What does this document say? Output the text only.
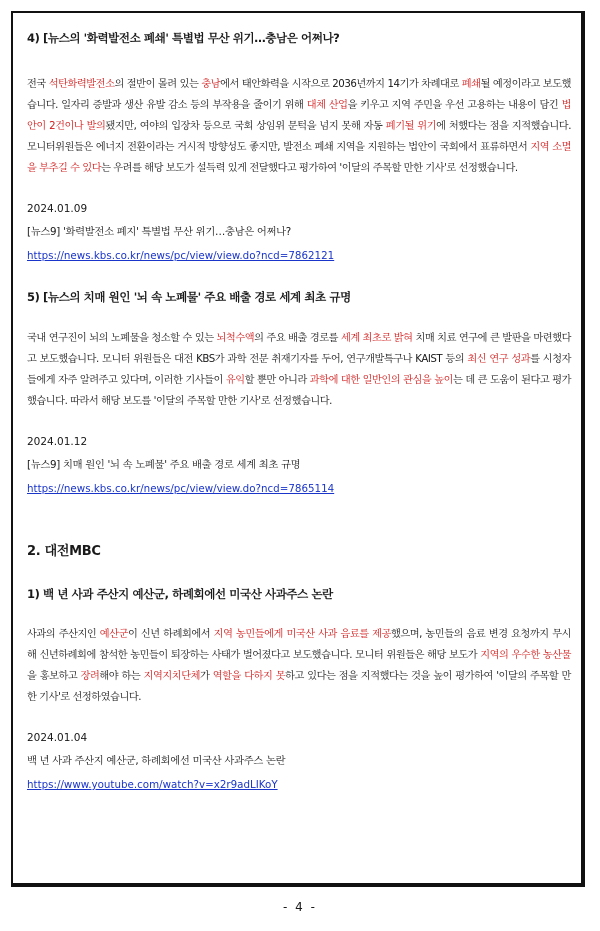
4) [뉴스의 '화력발전소 폐쇄' 특별법 무산 위기…충남은 어쩌나?

전국 석탄화력발전소의 절반이 몰려 있는 충남에서 태안화력을 시작으로 2036년까지 14기가 차례대로 폐쇄될 예정이라고 보도했습니다. 일자리 증발과 생산 유발 감소 등의 부작용을 줄이기 위해 대체 산업을 키우고 지역 주민을 우선 고용하는 내용이 담긴 법안이 2건이나 발의됐지만, 여야의 입장차 등으로 국회 상임위 문턱을 넘지 못해 자동 폐기될 위기에 처했다는 점을 지적했습니다. 모니터위원들은 에너지 전환이라는 거시적 방향성도 좋지만, 발전소 폐쇄 지역을 지원하는 법안이 국회에서 표류하면서 지역 소멸을 부추길 수 있다는 우려를 해당 보도가 설득력 있게 전달했다고 평가하여 '이달의 주목할 만한 기사'로 선정했습니다.

2024.01.09

[뉴스9] '화력발전소 폐지' 특별법 무산 위기…충남은 어쩌나?

https://news.kbs.co.kr/news/pc/view/view.do?ncd=7862121

5) [뉴스의 치매 원인 '뇌 속 노폐물' 주요 배출 경로 세계 최초 규명

국내 연구진이 뇌의 노폐물을 청소할 수 있는 뇌척수액의 주요 배출 경로를 세계 최초로 밝혀 치매 치료 연구에 큰 발판을 마련했다고 보도했습니다. 모니터 위원들은 대전 KBS가 과학 전문 취재기자를 두어, 연구개발특구나 KAIST 등의 최신 연구 성과를 시청자들에게 자주 알려주고 있다며, 이러한 기사들이 유익할 뿐만 아니라 과학에 대한 일반인의 관심을 높이는 데 큰 도움이 된다고 평가했습니다. 따라서 해당 보도를 '이달의 주목할 만한 기사'로 선정했습니다.

2024.01.12

[뉴스9] 치매 원인 '뇌 속 노폐물' 주요 배출 경로 세계 최초 규명

https://news.kbs.co.kr/news/pc/view/view.do?ncd=7865114

2. 대전MBC

1) 백 년 사과 주산지 예산군, 하례회에선 미국산 사과주스 논란

사과의 주산지인 예산군이 신년 하례회에서 지역 농민들에게 미국산 사과 음료를 제공했으며, 농민들의 음료 변경 요청까지 무시 해 신년하례회에 참석한 농민들이 퇴장하는 사태가 벌어졌다고 보도했습니다. 모니터 위원들은 해당 보도가 지역의 우수한 농산물을 홍보하고 장려해야 하는 지역지치단체가 역할을 다하지 못하고 있다는 점을 지적했다는 것을 높이 평가하여 '이달의 주목할 만한 기사'로 선정하였습니다.

2024.01.04

백 년 사과 주산지 예산군, 하례회에선 미국산 사과주스 논란

https://www.youtube.com/watch?v=x2r9adLIKoY

- 4 -
